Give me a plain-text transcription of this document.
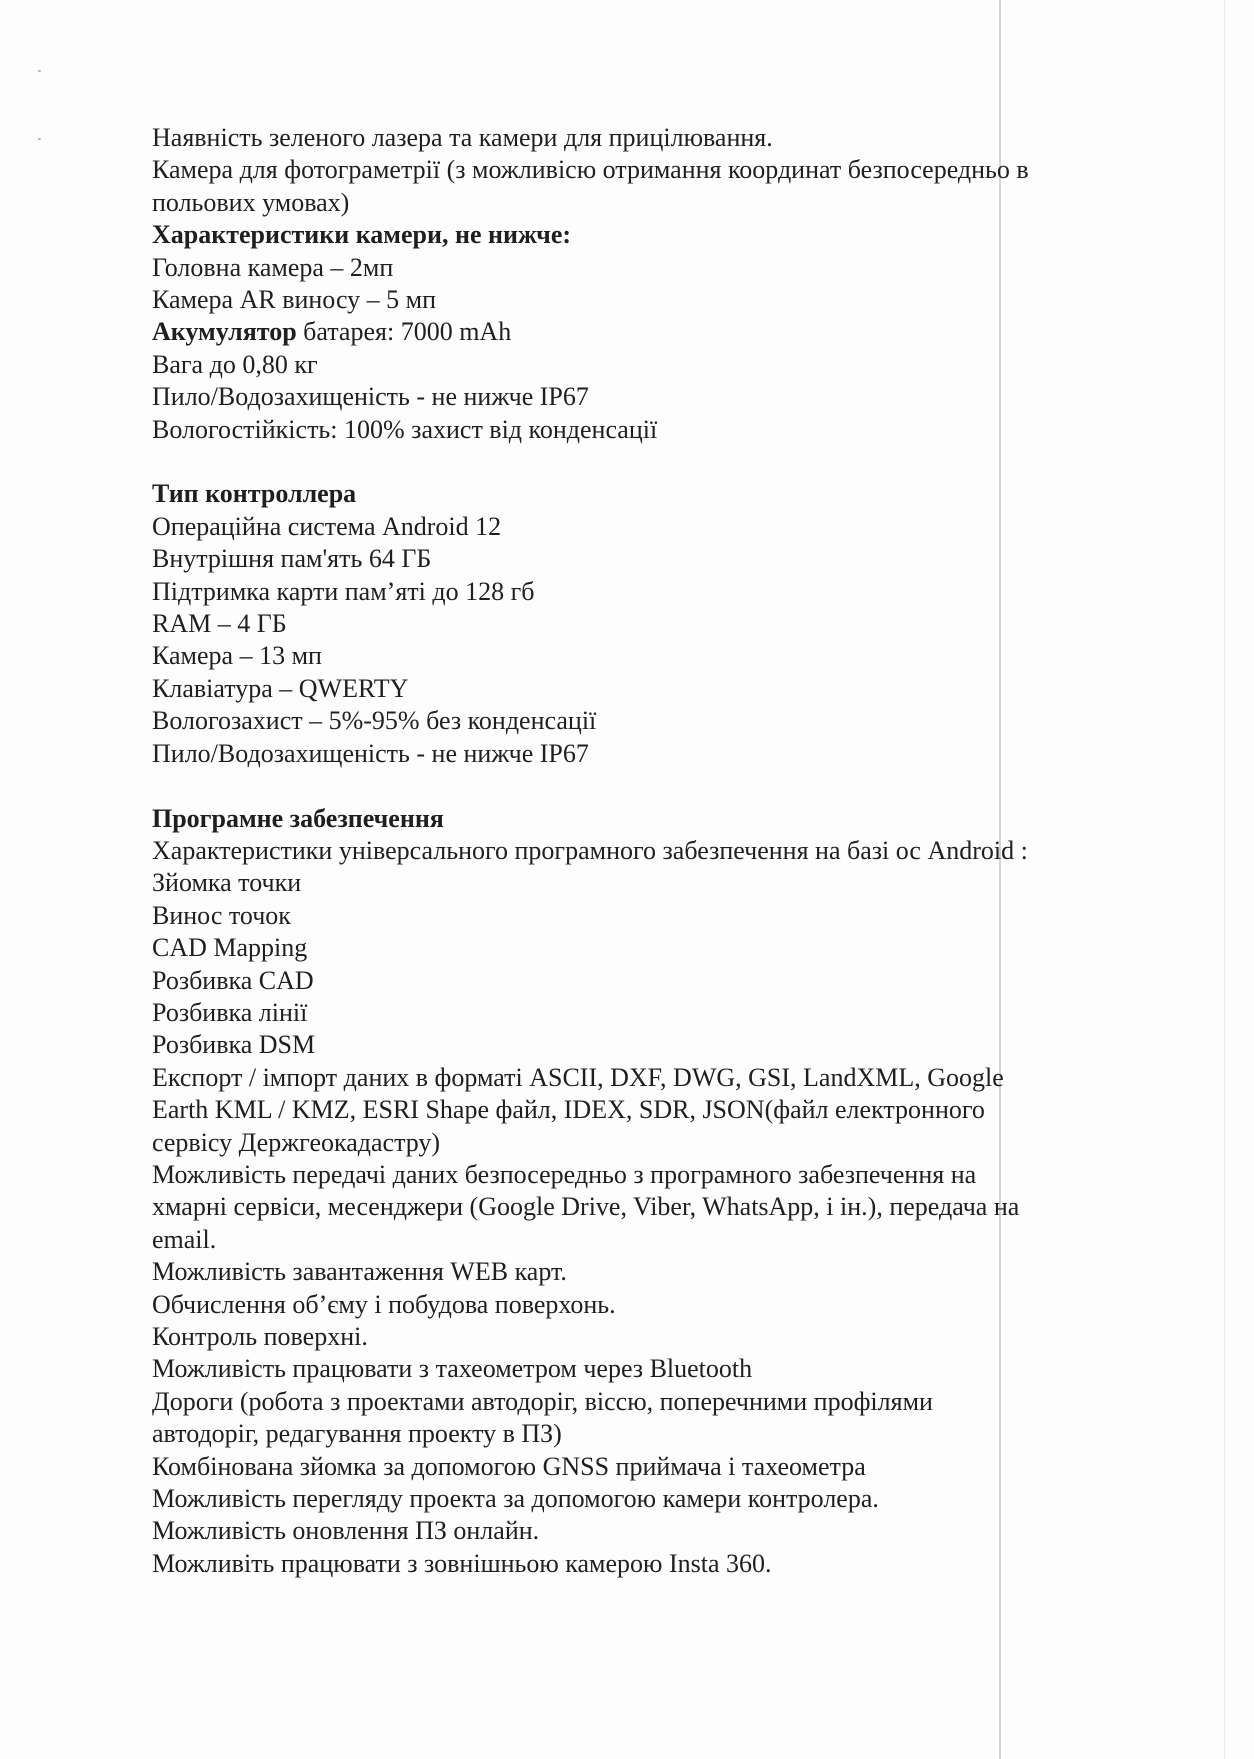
Наявність зеленого лазера та камери для прицілювання.
Камера для фотограметрії (з можливісю отримання координат безпосередньо в
польових умовах)
Характеристики камери, не нижче:
Головна камера – 2мп
Камера AR виносу – 5 мп
Акумулятор батарея: 7000 mAh
Вага до 0,80 кг
Пило/Водозахищеність - не нижче IP67
Вологостійкість: 100% захист від конденсації
Тип контроллера
Операційна система Android 12
Внутрішня пам'ять 64 ГБ
Підтримка карти пам’яті до 128 гб
RAM – 4 ГБ
Камера – 13 мп
Клавіатура – QWERTY
Вологозахист – 5%-95% без конденсації
Пило/Водозахищеність - не нижче IP67
Програмне забезпечення
Характеристики універсального програмного забезпечення на базі ос Android :
Зйомка точки
Винос точок
CAD Mapping
Розбивка CAD
Розбивка лінії
Розбивка DSM
Експорт / імпорт даних в форматі ASCII, DXF, DWG, GSI, LandXML, Google
Earth KML / KMZ, ESRI Shape файл, IDEX, SDR, JSON(файл електронного
сервісу Держгеокадастру)
Можливість передачі даних безпосередньо з програмного забезпечення на
хмарні сервіси, месенджери (Google Drive, Viber, WhatsApp, і ін.), передача на
email.
Можливість завантаження WEB карт.
Обчислення об’єму і побудова поверхонь.
Контроль поверхні.
Можливість працювати з тахеометром через Bluetooth
Дороги (робота з проектами автодоріг, віссю, поперечними профілями
автодоріг, редагування проекту в ПЗ)
Комбінована зйомка за допомогою GNSS приймача і тахеометра
Можливість перегляду проекта за допомогою камери контролера.
Можливість оновлення ПЗ онлайн.
Можливіть працювати з зовнішньою камерою Insta 360.
